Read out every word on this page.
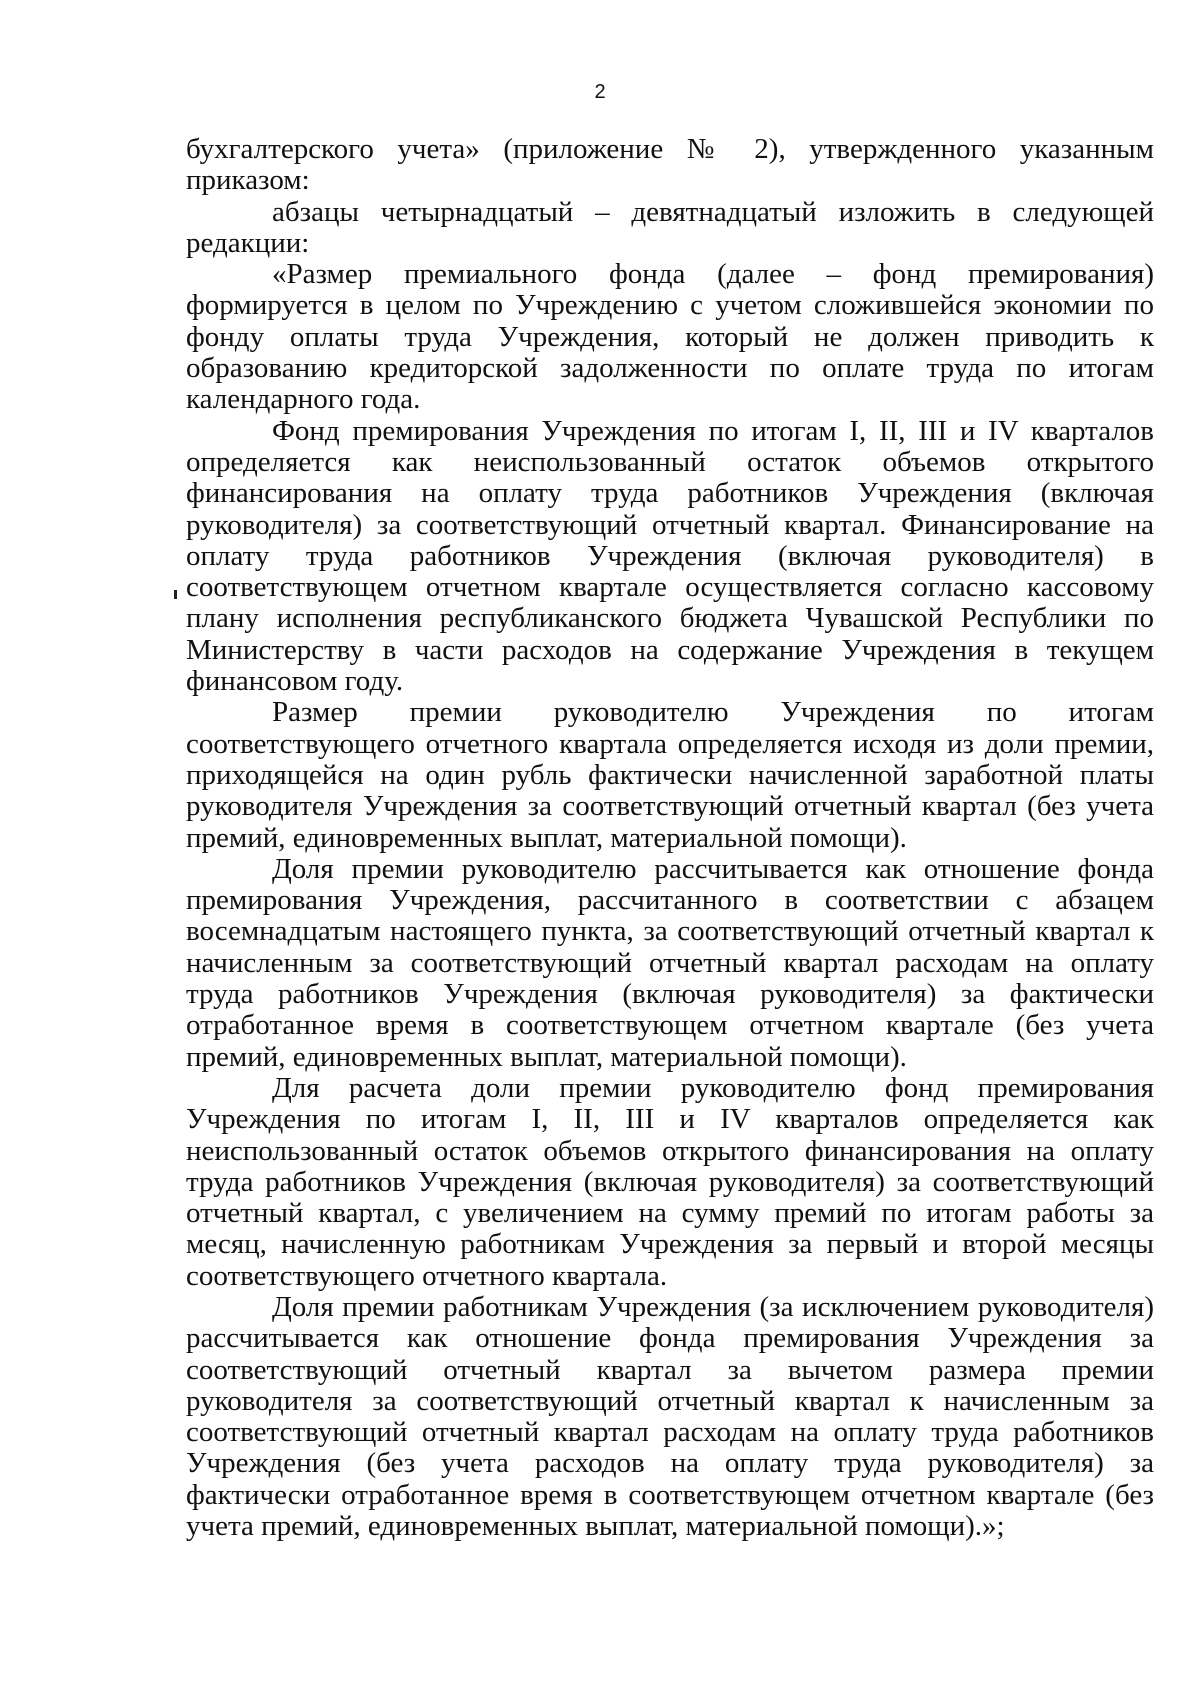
2

бухгалтерского учета» (приложение № 2), утвержденного указанным приказом:

абзацы четырнадцатый – девятнадцатый изложить в следующей редакции:

«Размер премиального фонда (далее – фонд премирования) формируется в целом по Учреждению с учетом сложившейся экономии по фонду оплаты труда Учреждения, который не должен приводить к образованию кредиторской задолженности по оплате труда по итогам календарного года.

Фонд премирования Учреждения по итогам I, II, III и IV кварталов определяется как неиспользованный остаток объемов открытого финансирования на оплату труда работников Учреждения (включая руководителя) за соответствующий отчетный квартал. Финансирование на оплату труда работников Учреждения (включая руководителя) в соответствующем отчетном квартале осуществляется согласно кассовому плану исполнения республиканского бюджета Чувашской Республики по Министерству в части расходов на содержание Учреждения в текущем финансовом году.

Размер премии руководителю Учреждения по итогам соответствующего отчетного квартала определяется исходя из доли премии, приходящейся на один рубль фактически начисленной заработной платы руководителя Учреждения за соответствующий отчетный квартал (без учета премий, единовременных выплат, материальной помощи).

Доля премии руководителю рассчитывается как отношение фонда премирования Учреждения, рассчитанного в соответствии с абзацем восемнадцатым настоящего пункта, за соответствующий отчетный квартал к начисленным за соответствующий отчетный квартал расходам на оплату труда работников Учреждения (включая руководителя) за фактически отработанное время в соответствующем отчетном квартале (без учета премий, единовременных выплат, материальной помощи).

Для расчета доли премии руководителю фонд премирования Учреждения по итогам I, II, III и IV кварталов определяется как неиспользованный остаток объемов открытого финансирования на оплату труда работников Учреждения (включая руководителя) за соответствующий отчетный квартал, с увеличением на сумму премий по итогам работы за месяц, начисленную работникам Учреждения за первый и второй месяцы соответствующего отчетного квартала.

Доля премии работникам Учреждения (за исключением руководителя) рассчитывается как отношение фонда премирования Учреждения за соответствующий отчетный квартал за вычетом размера премии руководителя за соответствующий отчетный квартал к начисленным за соответствующий отчетный квартал расходам на оплату труда работников Учреждения (без учета расходов на оплату труда руководителя) за фактически отработанное время в соответствующем отчетном квартале (без учета премий, единовременных выплат, материальной помощи).»;
